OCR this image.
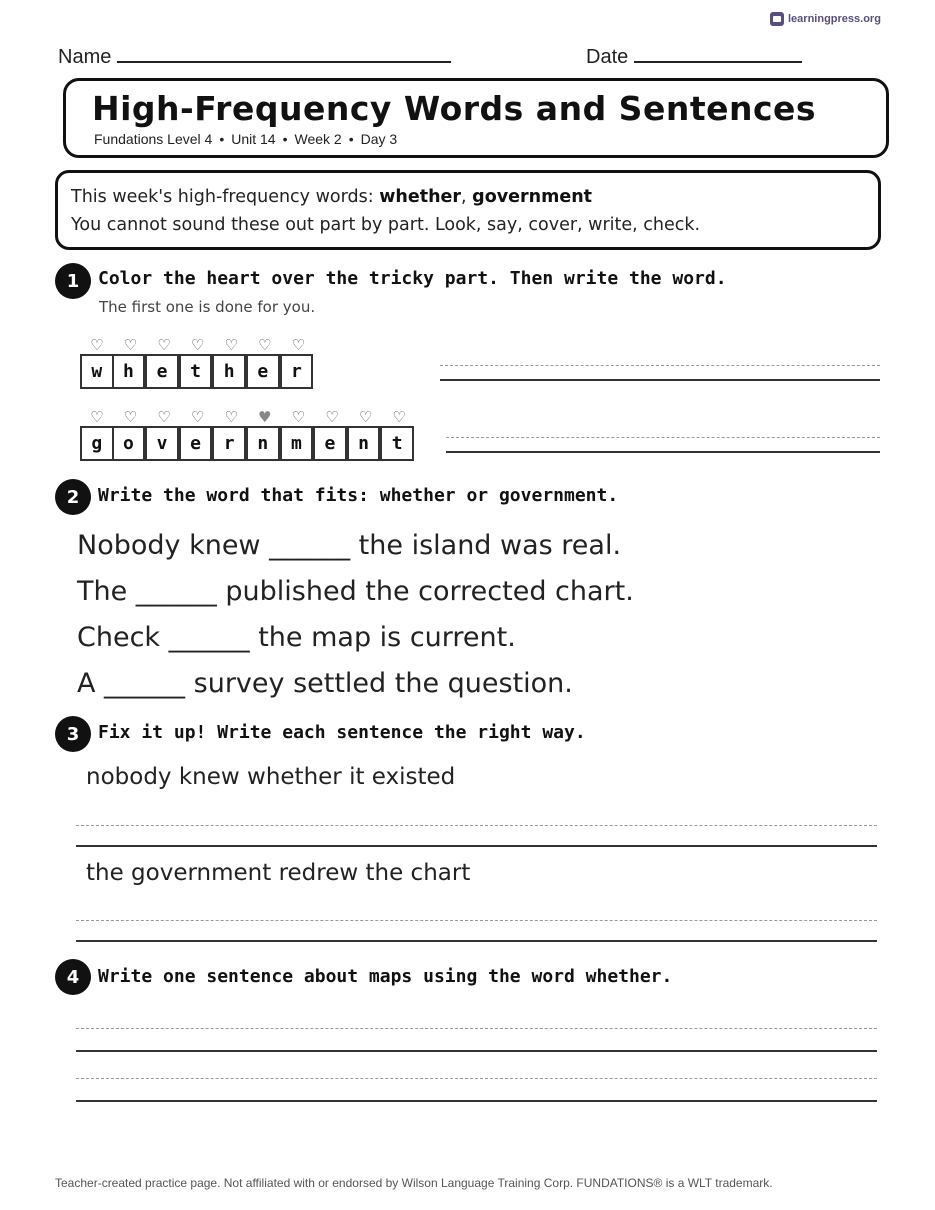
learningpress.org
Name	Date
High-Frequency Words and Sentences
Fundations Level 4 • Unit 14 • Week 2 • Day 3
This week's high-frequency words: whether, government
You cannot sound these out part by part. Look, say, cover, write, check.
1	Color the heart over the tricky part. Then write the word.
The first one is done for you.
♡
w
♡
h
♡
e
♡
t
♡
h
♡
e
♡
r
♡
g
♡
o
♡
v
♡
e
♡
r
♥
n
♡
m
♡
e
♡
n
♡
t
2	Write the word that fits: whether or government.
Nobody knew ______ the island was real.
The ______ published the corrected chart.
Check ______ the map is current.
A ______ survey settled the question.
3	Fix it up! Write each sentence the right way.
nobody knew whether it existed
the government redrew the chart
4	Write one sentence about maps using the word whether.
Teacher-created practice page. Not affiliated with or endorsed by Wilson Language Training Corp. FUNDATIONS® is a WLT trademark.
